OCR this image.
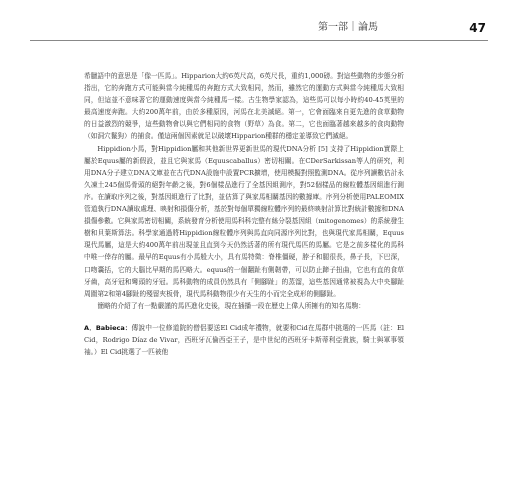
第一部｜論馬	47

希臘語中的意思是「像一匹馬」。Hipparion大約6英尺高，6英尺長，重約1,000磅。對這些動物的步態分析指出，它的奔跑方式可能與當今純種馬的奔跑方式大致相同，然而，雖然它的運動方式與當今純種馬大致相同，但這並不意味著它的運動速度與當今純種馬一樣。古生物學家認為，這些馬可以每小時約40-45英里的最高速度奔跑。大約200萬年前，由於多種原因，河馬在北美滅絕。第一，它會面臨來自更先進的食草動物的日益激烈的競爭，這些動物會以與它們相同的食物（野草）為食。第二，它也面臨著越來越多的食肉動物（如洞穴鬣狗）的捕食。僅這兩個因素就足以破壞Hipparion種群的穩定並導致它們滅絕。

Hippidion小馬，對Hippidion屬和其他新世界更新世馬的現代DNA分析 [5] 支持了Hippidion實際上屬於Equus屬的新假設，並且它與家馬（Equuscaballus）密切相關。在CDerSarkissan等人的研究，利用DNA分子建立DNA文庫並在古代DNA設施中設置PCR擴增，使用模擬對照監測DNA。從序列讀數估計永久凍土245個馬骨頭的絕對年齡之後，對6個樣品進行了全基因組測序，對52個樣品的線粒體基因組進行測序。在讀取序列之後，對基因組進行了比對，並估算了與家馬相關基因的數據庫。序列分析使用PALEOMIX管道執行DNA讀取處理、映射和損傷分析，基於對每個單獨線粒體序列的最終映射計算比對統計數據和DNA損傷參數。它與家馬密切相關，系統發育分析使用馬科科完整有絲分裂基因組（mitogenomes）的系統發生樹和貝葉斯算法。科學家通過將Hippidion線粒體序列與馬直向同源序列比對，也與現代家馬相關，Equus現代馬屬，這是大約400萬年前出現並且直到今天仍然活著的所有現代馬匹的馬屬。它是之前多樣化的馬科中唯一倖存的屬。最早的Equus有小馬般大小，具有馬特徵：脊椎僵硬，脖子和腿很長，鼻子長，下巴深，口吻囊括，它的大腦比早期的馬匹略大。equus的一個翻趾有側韌帶，可以防止蹄子扭曲，它也有直的食草牙齒，高牙冠和彎頭的牙冠。馬科動物的成員仍然具有「側腳趾」的蒸馏，這些基因通常被視為大中央腳趾周圍第2和第4腳趾的殘留夾板骨，現代馬科動物很少有天生的小而完全成形的側腳趾。

簡略的介紹了有一點嚴謹的馬匹進化史後，現在插播一段在歷史上偉人所擁有的知名馬駒：

A．Babieca：傳說中一位修道院的僧侶要送El Cid成年禮物，就要和Cid在馬群中挑選的一匹馬（註：El Cid，Rodrigo Díaz de Vivar，西班牙瓦倫西亞王子，是中世紀的西班牙卡斯蒂利亞貴族，騎士與軍事領袖。）El Cid挑選了一匹被他
